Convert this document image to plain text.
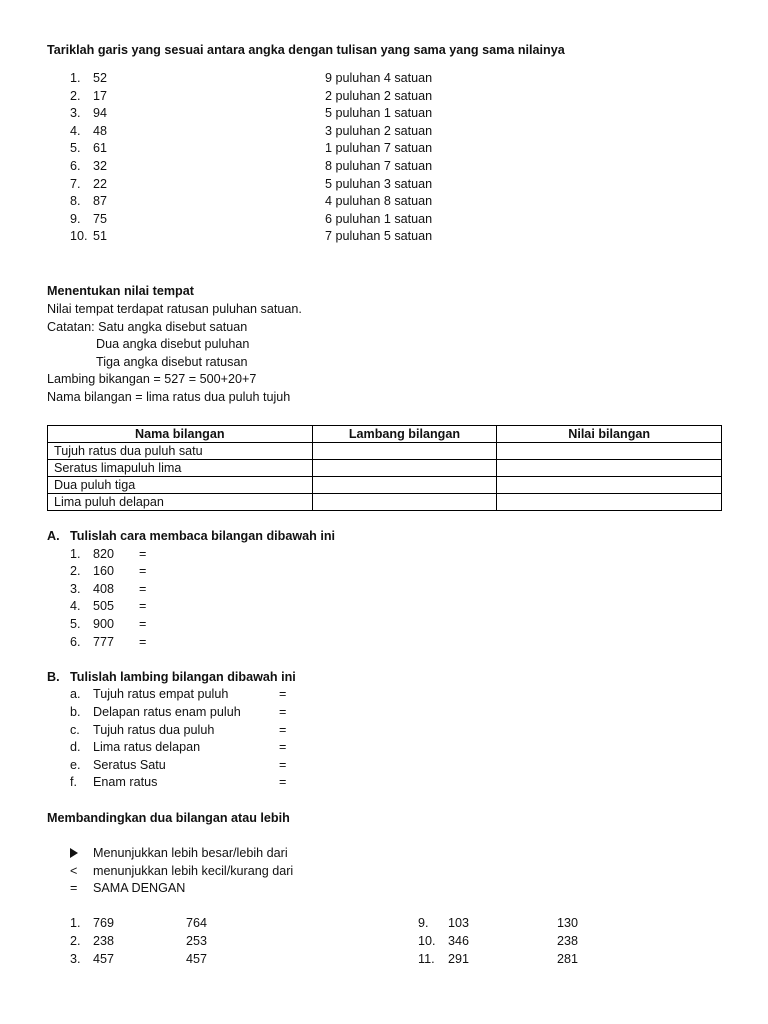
Tariklah garis yang sesuai antara angka dengan tulisan yang sama yang sama nilainya
1. 52	9 puluhan 4 satuan
2. 17	2 puluhan 2 satuan
3. 94	5 puluhan 1 satuan
4. 48	3 puluhan 2 satuan
5. 61	1 puluhan 7 satuan
6. 32	8 puluhan 7 satuan
7. 22	5 puluhan 3 satuan
8. 87	4 puluhan 8 satuan
9. 75	6 puluhan 1 satuan
10. 51	7 puluhan 5 satuan
Menentukan nilai tempat
Nilai tempat terdapat ratusan puluhan satuan.
Catatan: Satu angka disebut satuan
Dua angka disebut puluhan
Tiga angka disebut ratusan
Lambing bikangan = 527 = 500+20+7
Nama bilangan = lima ratus dua puluh tujuh
Nama bilangan	Lambang bilangan	Nilai bilangan
Tujuh ratus dua puluh satu		
Seratus limapuluh lima		
Dua puluh tiga		
Lima puluh delapan		
A. Tulislah cara membaca bilangan dibawah ini
1. 820 =
2. 160 =
3. 408 =
4. 505 =
5. 900 =
6. 777 =
B. Tulislah lambing bilangan dibawah ini
a. Tujuh ratus empat puluh	=
b. Delapan ratus enam puluh	=
c. Tujuh ratus dua puluh	=
d. Lima ratus delapan	=
e. Seratus Satu	=
f. Enam ratus	=
Membandingkan dua bilangan atau lebih
Menunjukkan lebih besar/lebih dari
< menunjukkan lebih kecil/kurang dari
= SAMA DENGAN
1. 769	764	9. 103	130
2. 238	253	10. 346	238
3. 457	457	11. 291	281
